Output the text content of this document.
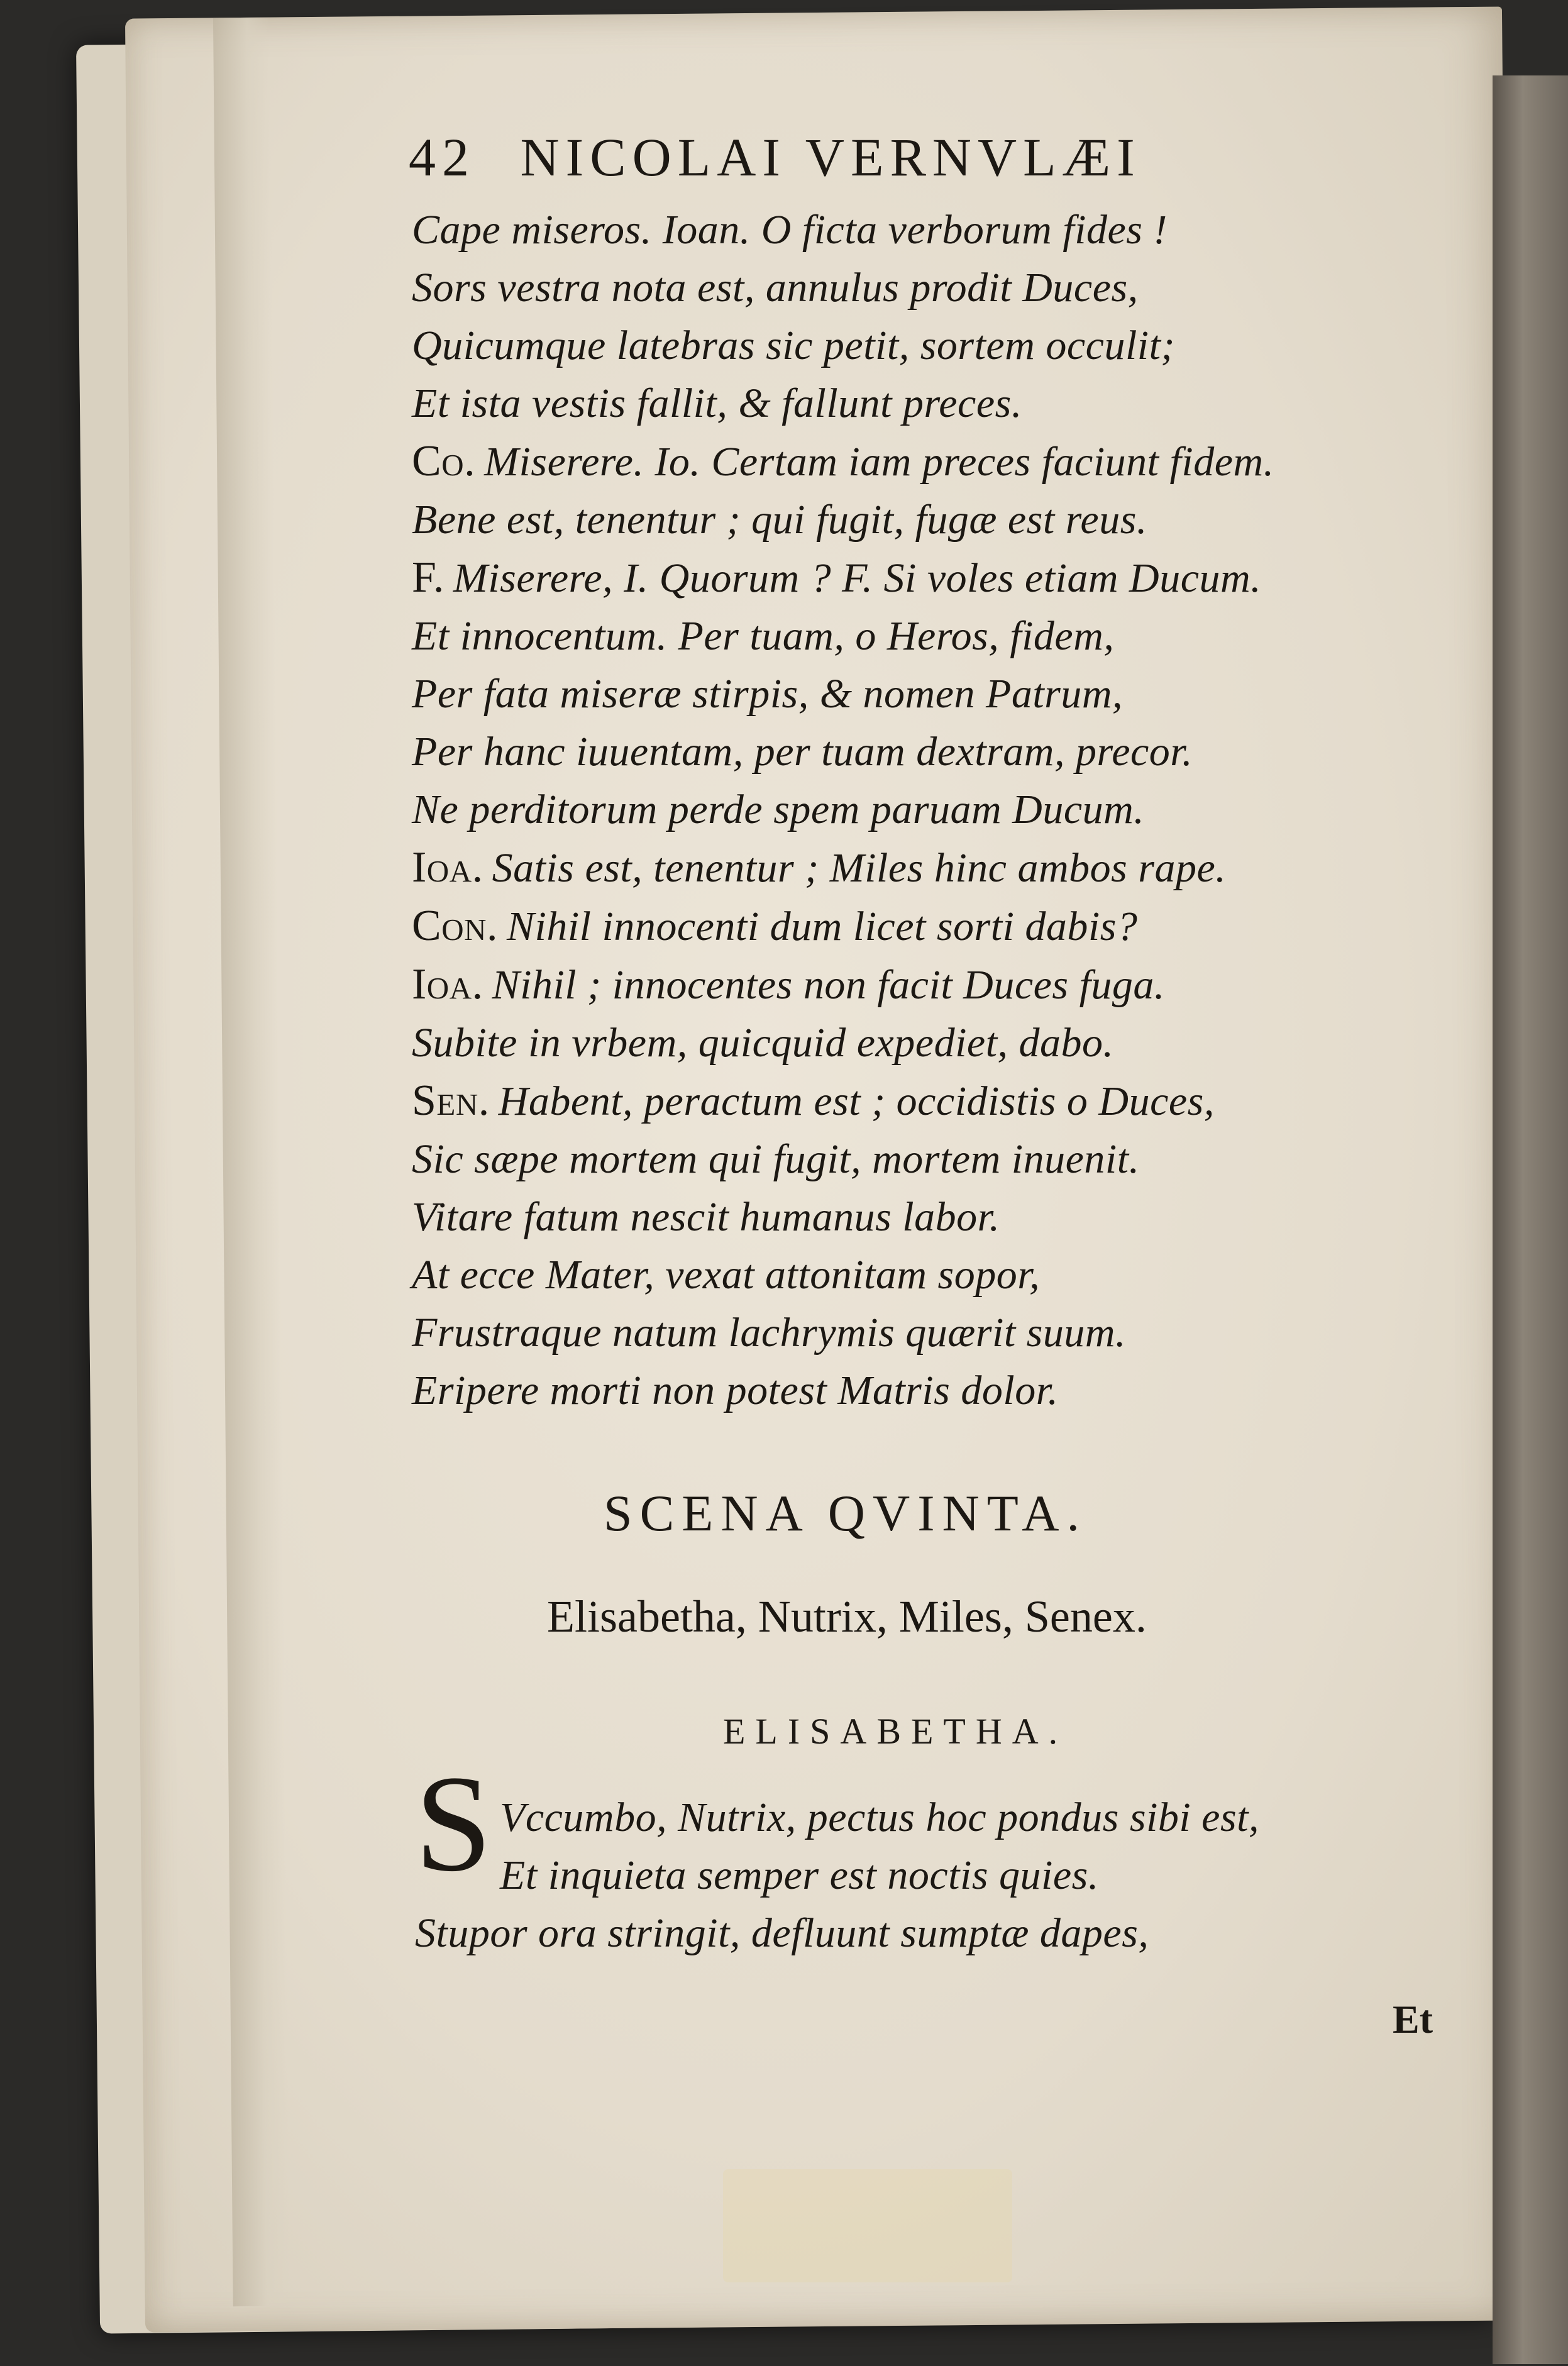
42 NICOLAI VERNVLÆI
Cape miseros. Ioan. O ficta verborum fides !
Sors vestra nota est, annulus prodit Duces,
Quicumque latebras sic petit, sortem occulit;
Et ista vestis fallit, & fallunt preces.
Co. Miserere. Io. Certam iam preces faciunt fidem.
Bene est, tenentur ; qui fugit, fugæ est reus.
F. Miserere, I. Quorum ? F. Si voles etiam Ducum.
Et innocentum. Per tuam, o Heros, fidem,
Per fata miseræ stirpis, & nomen Patrum,
Per hanc iuuentam, per tuam dextram, precor.
Ne perditorum perde spem paruam Ducum.
Ioa. Satis est, tenentur ; Miles hinc ambos rape.
Con. Nihil innocenti dum licet sorti dabis?
Ioa. Nihil ; innocentes non facit Duces fuga.
Subite in vrbem, quicquid expediet, dabo.
Sen. Habent, peractum est ; occidistis o Duces,
Sic sæpe mortem qui fugit, mortem inuenit.
Vitare fatum nescit humanus labor.
At ecce Mater, vexat attonitam sopor,
Frustraque natum lachrymis quærit suum.
Eripere morti non potest Matris dolor.
SCENA QVINTA.
Elisabetha, Nutrix, Miles, Senex.
ELISABETHA.
S Vccumbo, Nutrix, pectus hoc pondus sibi est,
Et inquieta semper est noctis quies.
Stupor ora stringit, defluunt sumptæ dapes,
Et
